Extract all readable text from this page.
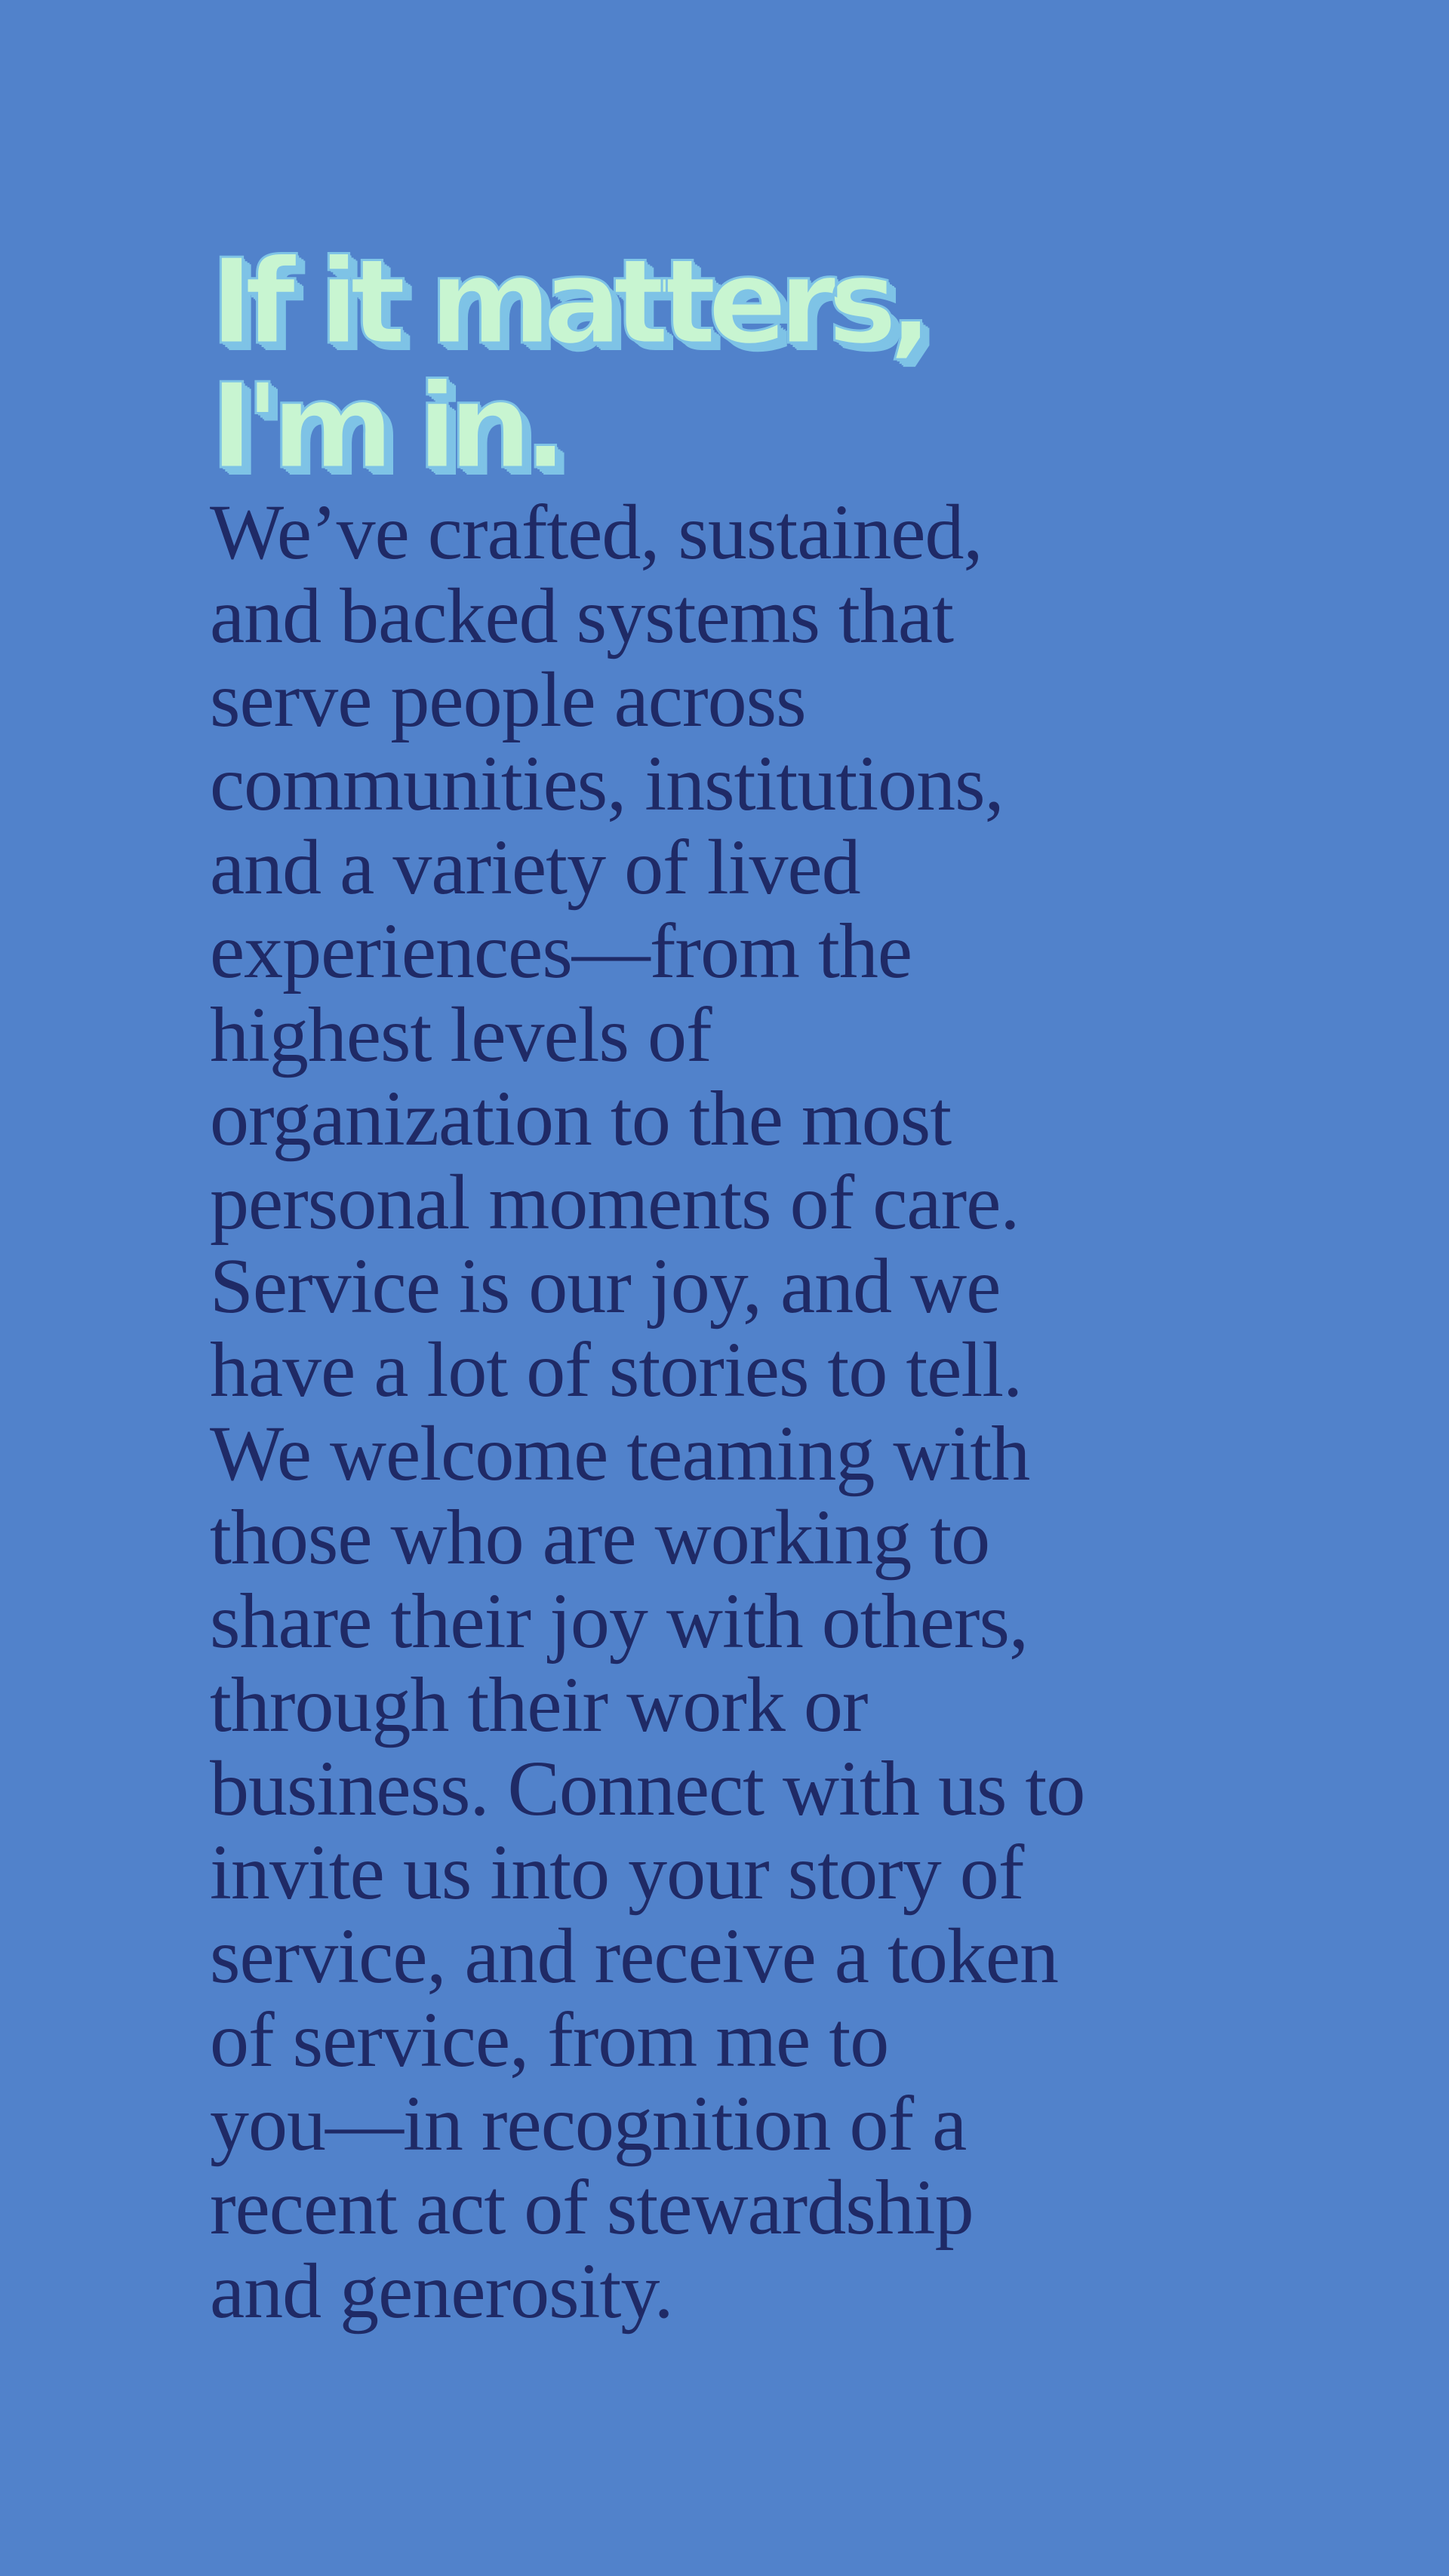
If it matters,
I'm in.

We’ve crafted, sustained,
and backed systems that
serve people across
communities, institutions,
and a variety of lived
experiences—from the
highest levels of
organization to the most
personal moments of care.
Service is our joy, and we
have a lot of stories to tell.
We welcome teaming with
those who are working to
share their joy with others,
through their work or
business. Connect with us to
invite us into your story of
service, and receive a token
of service, from me to
you—in recognition of a
recent act of stewardship
and generosity.
